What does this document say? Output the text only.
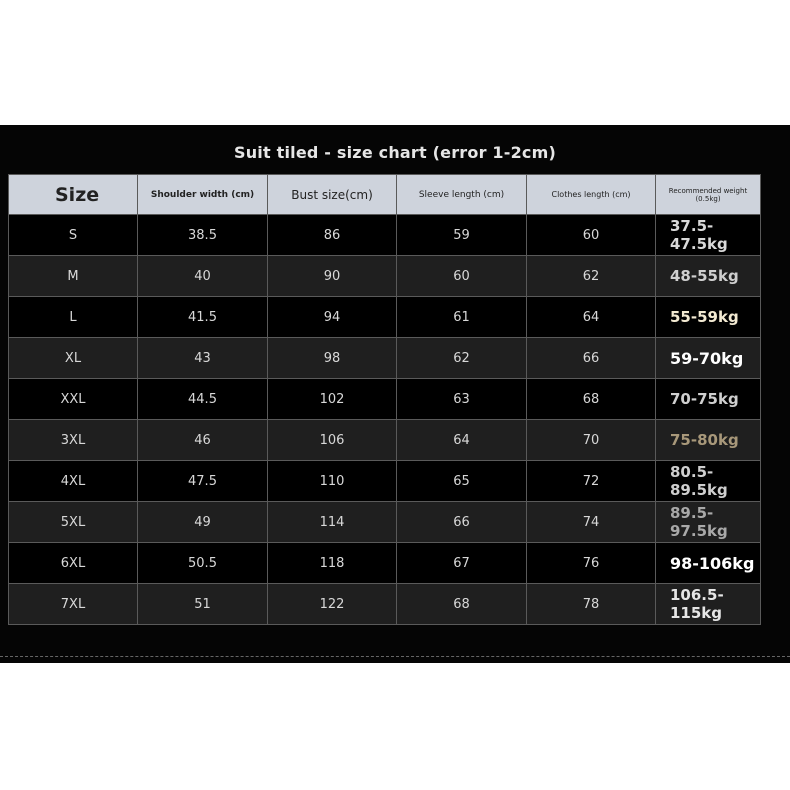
Suit tiled - size chart (error 1-2cm)
Size	Shoulder width (cm)	Bust size(cm)	Sleeve length (cm)	Clothes length (cm)	Recommended weight
(0.5kg)

S	38.5	86	59	60	37.5-47.5kg
M	40	90	60	62	48-55kg
L	41.5	94	61	64	55-59kg
XL	43	98	62	66	59-70kg
XXL	44.5	102	63	68	70-75kg
3XL	46	106	64	70	75-80kg
4XL	47.5	110	65	72	80.5-89.5kg
5XL	49	114	66	74	89.5-97.5kg
6XL	50.5	118	67	76	98-106kg
7XL	51	122	68	78	106.5-115kg
